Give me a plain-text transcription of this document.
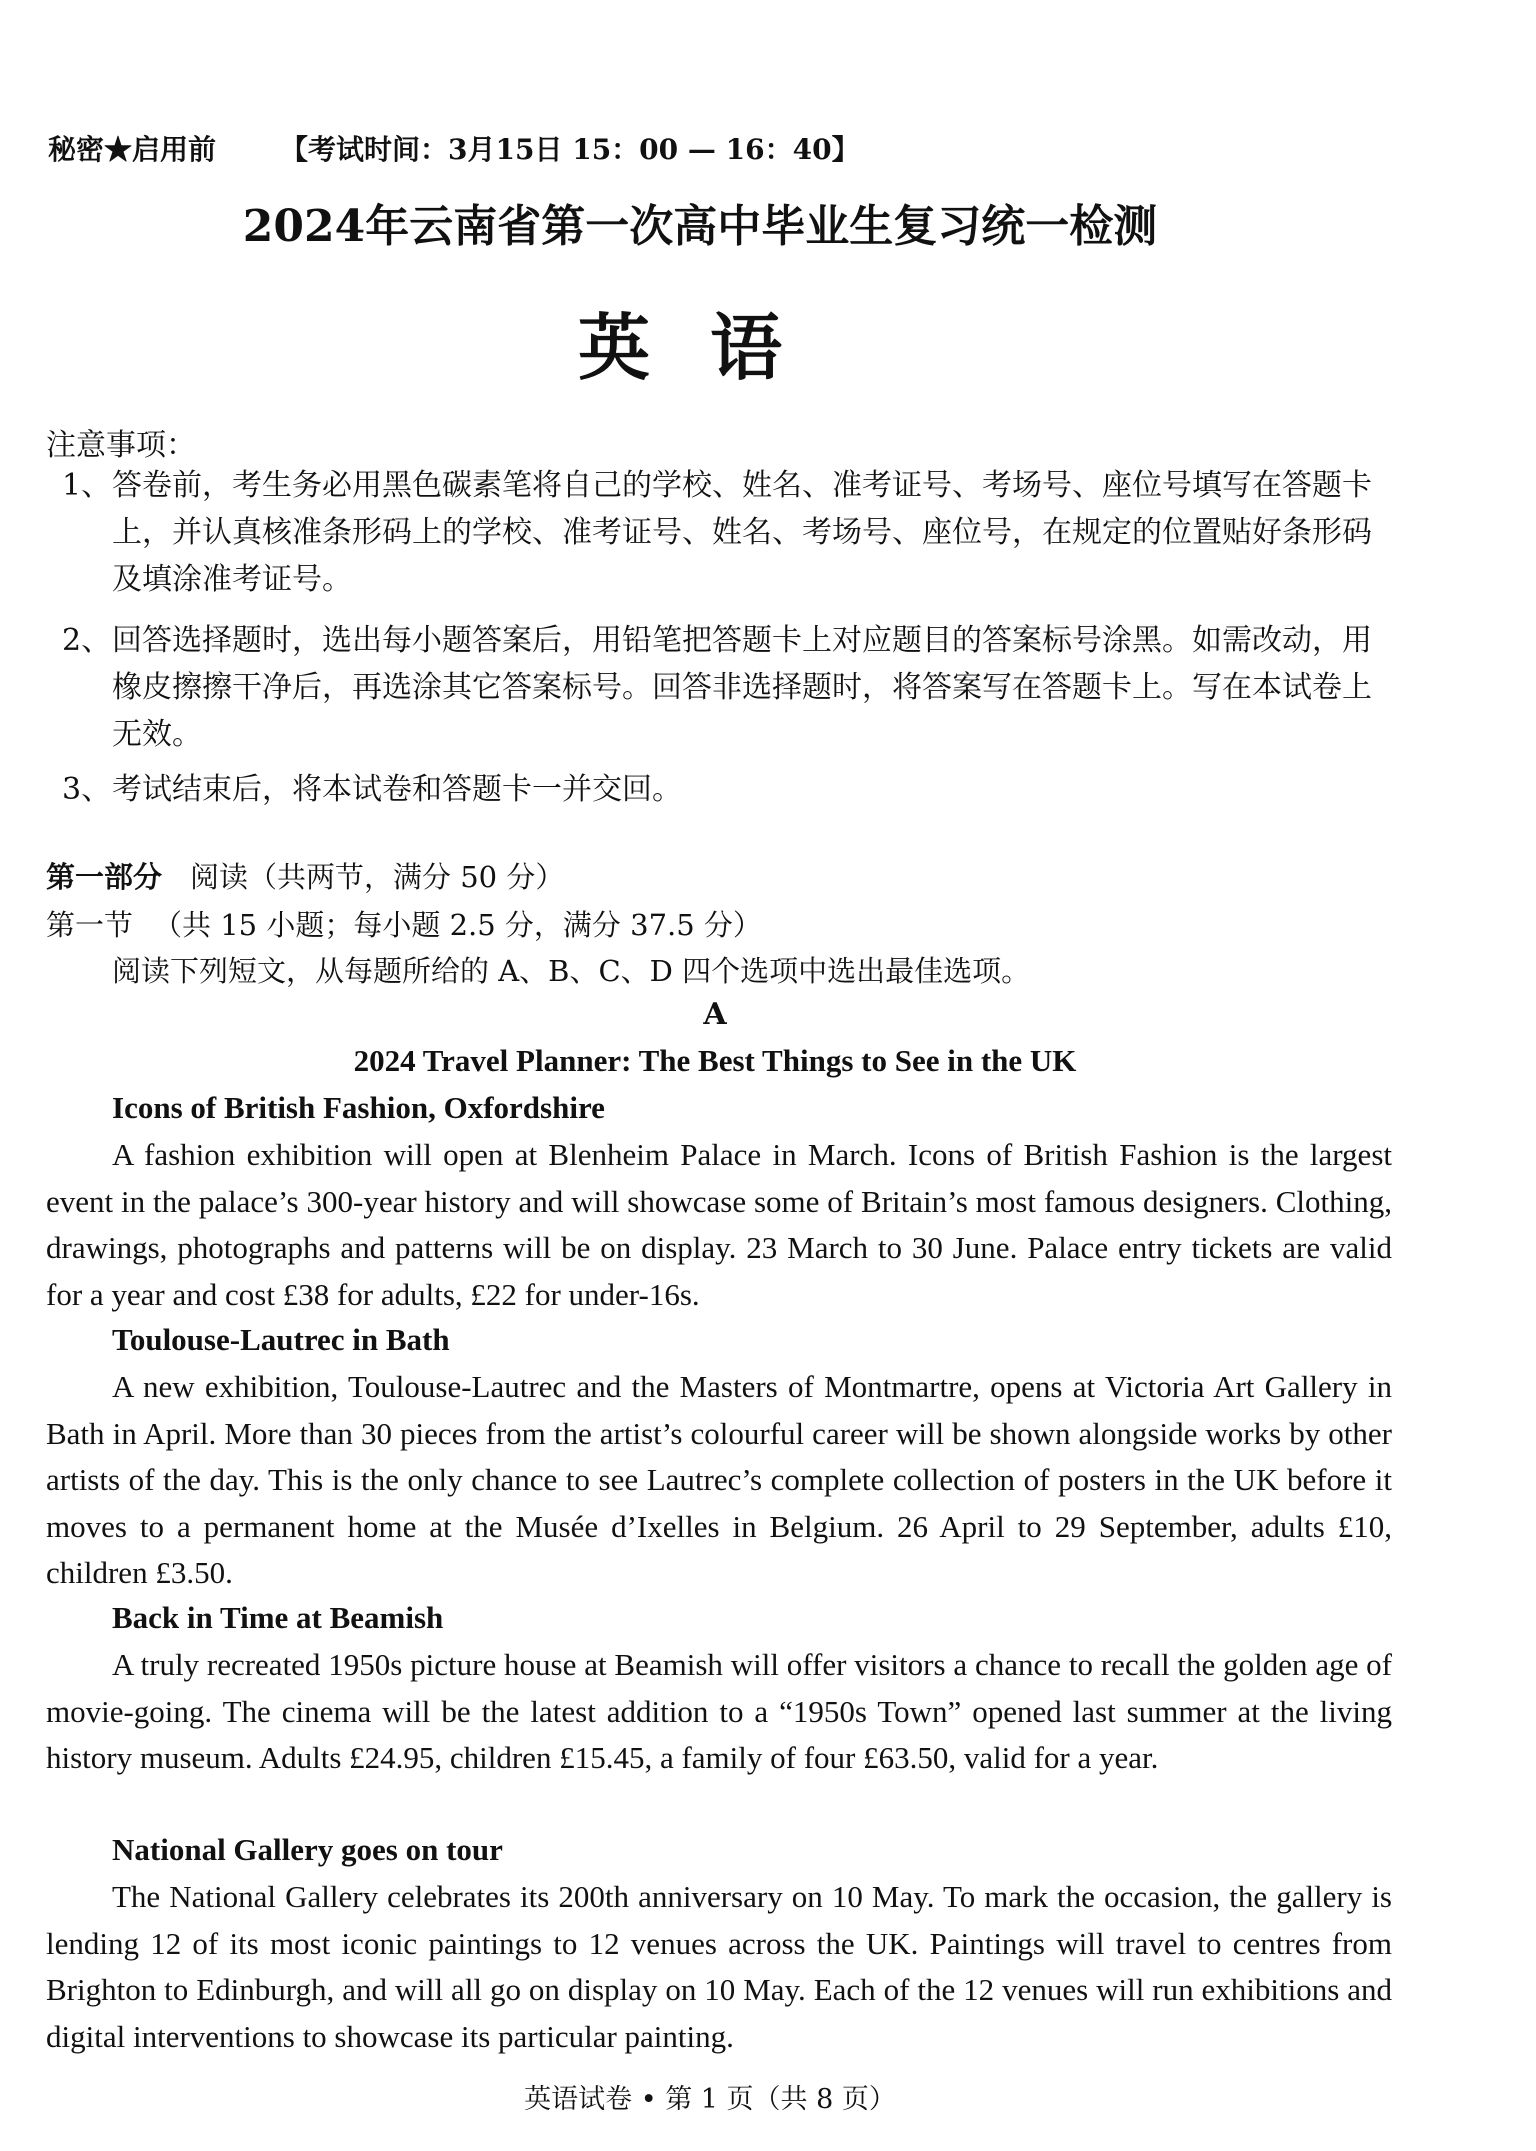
秘密★启用前 【考试时间：3月15日 15：00 — 16：40】
2024年云南省第一次高中毕业生复习统一检测
英语
注意事项：
1、答卷前，考生务必用黑色碳素笔将自己的学校、姓名、准考证号、考场号、座位号填写在答题卡上，并认真核准条形码上的学校、准考证号、姓名、考场号、座位号，在规定的位置贴好条形码及填涂准考证号。
2、回答选择题时，选出每小题答案后，用铅笔把答题卡上对应题目的答案标号涂黑。如需改动，用橡皮擦擦干净后，再选涂其它答案标号。回答非选择题时，将答案写在答题卡上。写在本试卷上无效。
3、考试结束后，将本试卷和答题卡一并交回。
第一部分 阅读（共两节，满分 50 分）
第一节 （共 15 小题；每小题 2.5 分，满分 37.5 分）
阅读下列短文，从每题所给的 A、B、C、D 四个选项中选出最佳选项。
A
2024 Travel Planner: The Best Things to See in the UK
Icons of British Fashion, Oxfordshire
A fashion exhibition will open at Blenheim Palace in March. Icons of British Fashion is the largest event in the palace’s 300-year history and will showcase some of Britain’s most famous designers. Clothing, drawings, photographs and patterns will be on display. 23 March to 30 June. Palace entry tickets are valid for a year and cost £38 for adults, £22 for under-16s.
Toulouse-Lautrec in Bath
A new exhibition, Toulouse-Lautrec and the Masters of Montmartre, opens at Victoria Art Gallery in Bath in April. More than 30 pieces from the artist’s colourful career will be shown alongside works by other artists of the day. This is the only chance to see Lautrec’s complete collection of posters in the UK before it moves to a permanent home at the Musée d’Ixelles in Belgium. 26 April to 29 September, adults £10, children £3.50.
Back in Time at Beamish
A truly recreated 1950s picture house at Beamish will offer visitors a chance to recall the golden age of movie-going. The cinema will be the latest addition to a “1950s Town” opened last summer at the living history museum. Adults £24.95, children £15.45, a family of four £63.50, valid for a year.
National Gallery goes on tour
The National Gallery celebrates its 200th anniversary on 10 May. To mark the occasion, the gallery is lending 12 of its most iconic paintings to 12 venues across the UK. Paintings will travel to centres from Brighton to Edinburgh, and will all go on display on 10 May. Each of the 12 venues will run exhibitions and digital interventions to showcase its particular painting.
英语试卷 • 第 1 页（共 8 页）
